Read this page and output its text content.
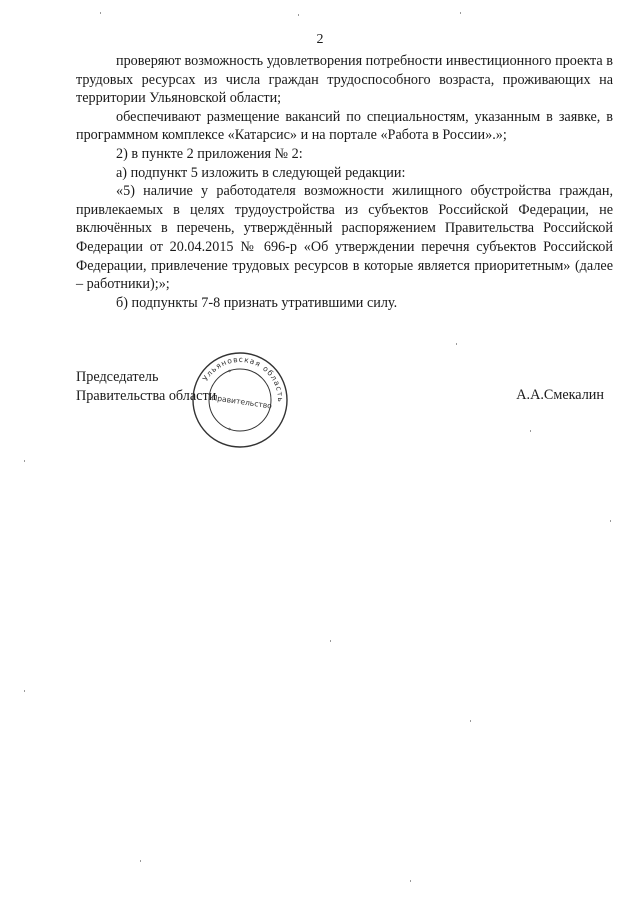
2

проверяют возможность удовлетворения потребности инвестиционного проекта в трудовых ресурсах из числа граждан трудоспособного возраста, проживающих на территории Ульяновской области;

обеспечивают размещение вакансий по специальностям, указанным в заявке, в программном комплексе «Катарсис» и на портале «Работа в России».»;

2) в пункте 2 приложения № 2:

а) подпункт 5 изложить в следующей редакции:

«5) наличие у работодателя возможности жилищного обустройства граждан, привлекаемых в целях трудоустройства из субъектов Российской Федерации, не включённых в перечень, утверждённый распоряжением Правительства Российской Федерации от 20.04.2015 № 696-р «Об утверждении перечня субъектов Российской Федерации, привлечение трудовых ресурсов в которые является приоритетным» (далее – работники);»;

б) подпункты 7-8 признать утратившими силу.

Председатель
Правительства области
Ульяновская область
Правительство
*
*
А.А.Смекалин
